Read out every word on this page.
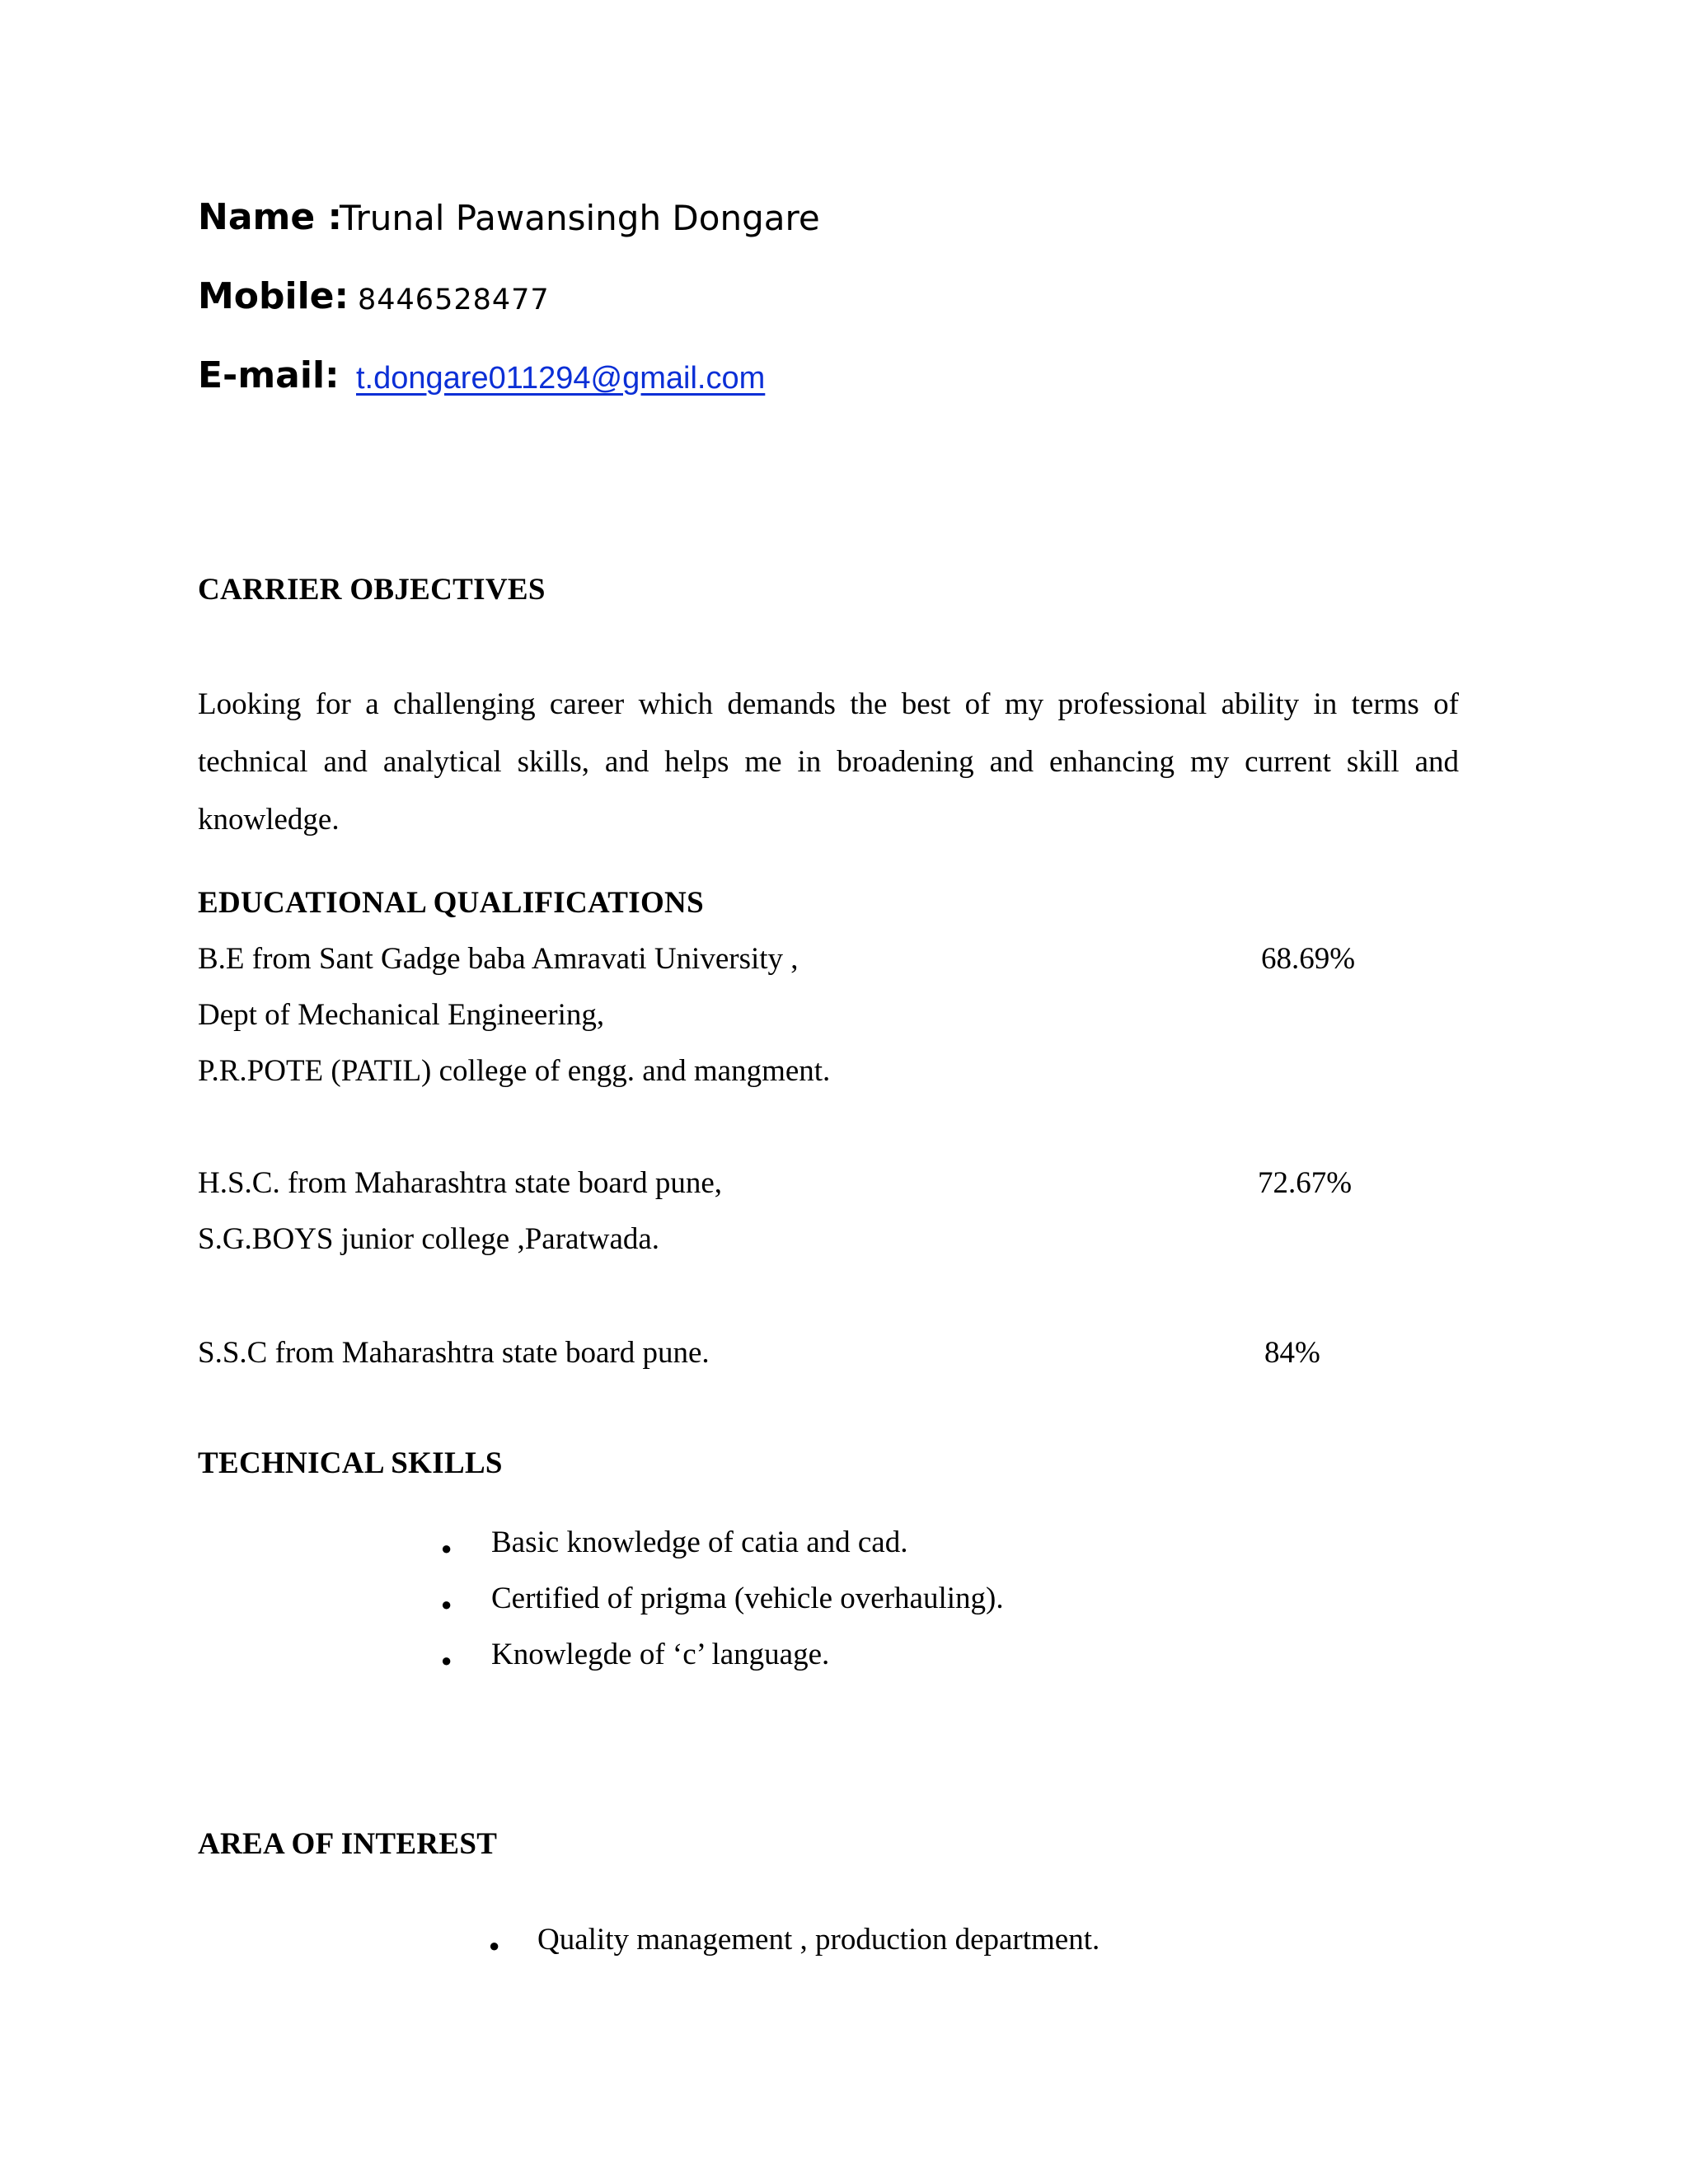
Name :
Trunal Pawansingh Dongare
Mobile: 8446528477
E-mail: t.dongare011294@gmail.com
CARRIER OBJECTIVES
Looking for a challenging career which demands the best of my professional ability in terms of technical and analytical skills, and helps me in broadening and enhancing my current skill and knowledge.
EDUCATIONAL QUALIFICATIONS
B.E from Sant Gadge baba Amravati University ,	68.69%
Dept of Mechanical Engineering,
P.R.POTE (PATIL) college of engg. and mangment.
H.S.C. from Maharashtra state board pune,	72.67%
S.G.BOYS junior college ,Paratwada.
S.S.C from Maharashtra state board pune.	84%
TECHNICAL SKILLS
● Basic knowledge of catia and cad.
● Certified of prigma (vehicle overhauling).
● Knowlegde of ‘c’ language.
AREA OF INTEREST
● Quality management , production department.
